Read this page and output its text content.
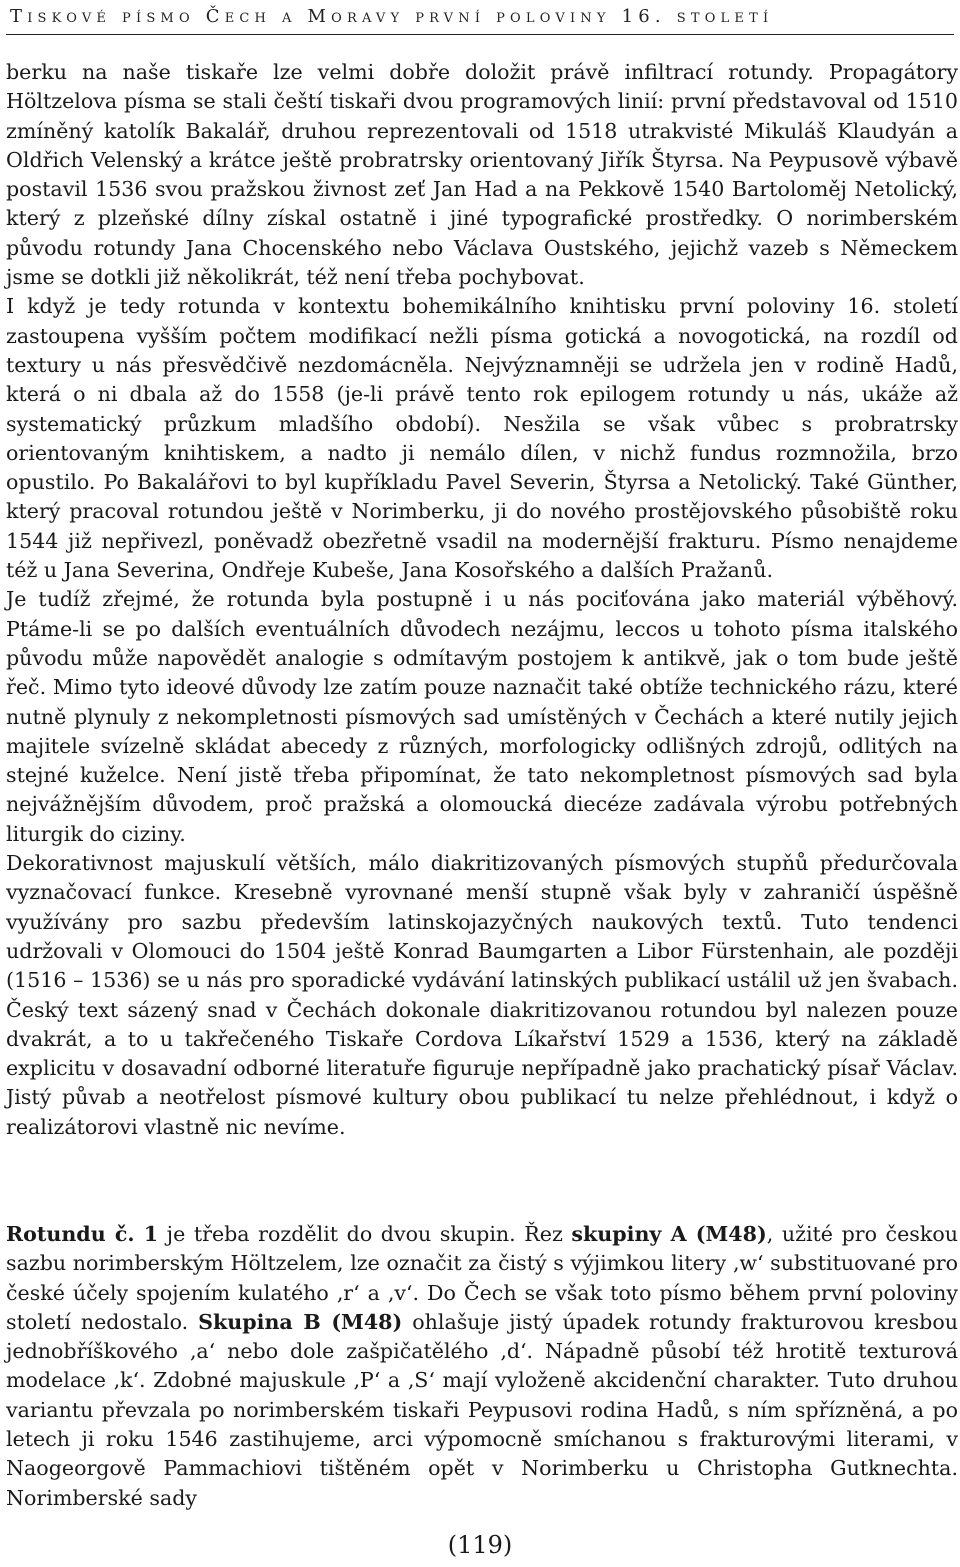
Tiskové písmo Čech a Moravy první poloviny 16. století

berku na naše tiskaře lze velmi dobře doložit právě infiltrací rotundy. Propagátory Höltzelova písma se stali čeští tiskaři dvou programových linií: první představoval od 1510 zmíněný katolík Bakalář, druhou reprezentovali od 1518 utrakvisté Mikuláš Klaudyán a Oldřich Velenský a krátce ještě probratrsky orientovaný Jiřík Štyrsa. Na Peypusově výbavě postavil 1536 svou pražskou živnost zeť Jan Had a na Pekkově 1540 Bartoloměj Netolický, který z plzeňské dílny získal ostatně i jiné typografické prostředky. O norimberském původu rotundy Jana Chocenského nebo Václava Oustského, jejichž vazeb s Německem jsme se dotkli již několikrát, též není třeba pochybovat.

I když je tedy rotunda v kontextu bohemikálního knihtisku první poloviny 16. století zastoupena vyšším počtem modifikací nežli písma gotická a novogotická, na rozdíl od textury u nás přesvědčivě nezdomácněla. Nejvýznamněji se udržela jen v rodině Hadů, která o ni dbala až do 1558 (je-li právě tento rok epilogem rotundy u nás, ukáže až systematický průzkum mladšího období). Nesžila se však vůbec s probratrsky orientovaným knihtiskem, a nadto ji nemálo dílen, v nichž fundus rozmnožila, brzo opustilo. Po Bakalářovi to byl kupříkladu Pavel Severin, Štyrsa a Netolický. Také Günther, který pracoval rotundou ještě v Norimberku, ji do nového prostějovského působiště roku 1544 již nepřivezl, poněvadž obezřetně vsadil na modernější frakturu. Písmo nenajdeme též u Jana Severina, Ondřeje Kubeše, Jana Kosořského a dalších Pražanů.

Je tudíž zřejmé, že rotunda byla postupně i u nás pociťována jako materiál výběhový. Ptáme-li se po dalších eventuálních důvodech nezájmu, leccos u tohoto písma italského původu může napovědět analogie s odmítavým postojem k antikvě, jak o tom bude ještě řeč. Mimo tyto ideové důvody lze zatím pouze naznačit také obtíže technického rázu, které nutně plynuly z nekompletnosti písmových sad umístěných v Čechách a které nutily jejich majitele svízelně skládat abecedy z různých, morfologicky odlišných zdrojů, odlitých na stejné kuželce. Není jistě třeba připomínat, že tato nekompletnost písmových sad byla nejvážnějším důvodem, proč pražská a olomoucká diecéze zadávala výrobu potřebných liturgik do ciziny.

Dekorativnost majuskulí větších, málo diakritizovaných písmových stupňů předurčovala vyznačovací funkce. Kresebně vyrovnané menší stupně však byly v zahraničí úspěšně využívány pro sazbu především latinskojazyčných naukových textů. Tuto tendenci udržovali v Olomouci do 1504 ještě Konrad Baumgarten a Libor Fürstenhain, ale později (1516 – 1536) se u nás pro sporadické vydávání latinských publikací ustálil už jen švabach. Český text sázený snad v Čechách dokonale diakritizovanou rotundou byl nalezen pouze dvakrát, a to u takřečeného Tiskaře Cordova Líkařství 1529 a 1536, který na základě explicitu v dosavadní odborné literatuře figuruje nepřípadně jako prachatický písař Václav. Jistý půvab a neotřelost písmové kultury obou publikací tu nelze přehlédnout, i když o realizátorovi vlastně nic nevíme.

Rotundu č. 1 je třeba rozdělit do dvou skupin. Řez skupiny A (M48), užité pro českou sazbu norimberským Höltzelem, lze označit za čistý s výjimkou litery ‚w‘ substituované pro české účely spojením kulatého ‚r‘ a ‚v‘. Do Čech se však toto písmo během první poloviny století nedostalo. Skupina B (M48) ohlašuje jistý úpadek rotundy frakturovou kresbou jednobříškového ‚a‘ nebo dole zašpičatělého ‚d‘. Nápadně působí též hrotitě texturová modelace ‚k‘. Zdobné majuskule ‚P‘ a ‚S‘ mají vyloženě akcidenční charakter. Tuto druhou variantu převzala po norimberském tiskaři Peypusovi rodina Hadů, s ním spřízněná, a po letech ji roku 1546 zastihujeme, arci výpomocně smíchanou s frakturovými literami, v Naogeorgově Pammachiovi tištěném opět v Norimberku u Christopha Gutknechta. Norimberské sady

(119)
